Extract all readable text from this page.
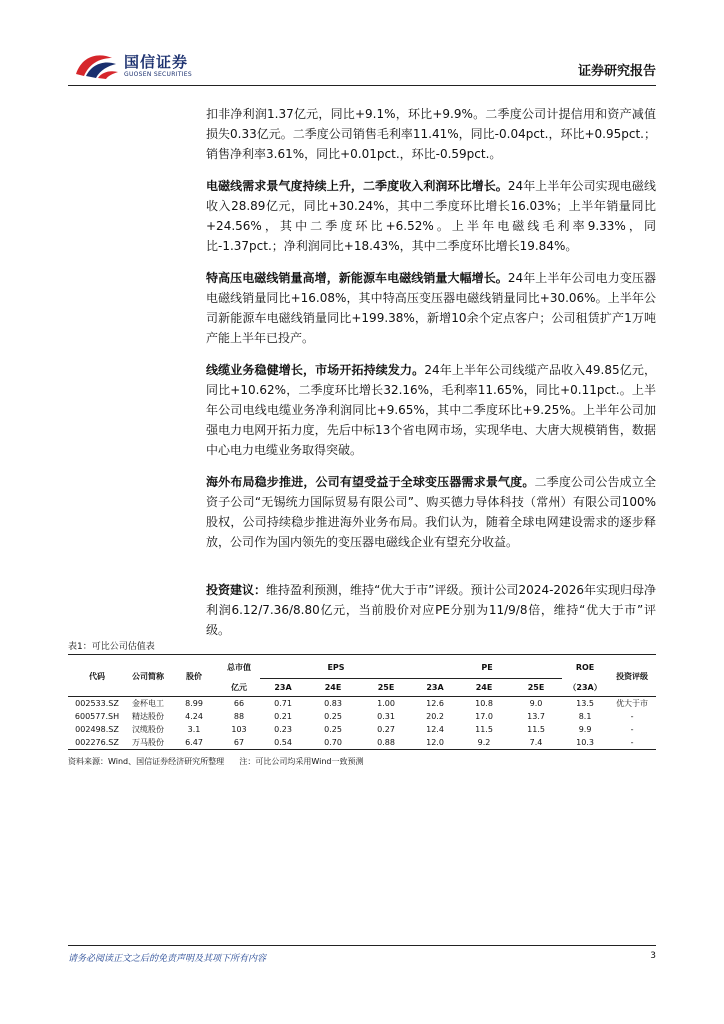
国信证券
GUOSEN SECURITIES	证券研究报告

扣非净利润1.37亿元，同比+9.1%，环比+9.9%。二季度公司计提信用和资产减值损失0.33亿元。二季度公司销售毛利率11.41%，同比-0.04pct.，环比+0.95pct.；销售净利率3.61%，同比+0.01pct.，环比-0.59pct.。

电磁线需求景气度持续上升，二季度收入利润环比增长。24年上半年公司实现电磁线收入28.89亿元，同比+30.24%，其中二季度环比增长16.03%；上半年销量同比+24.56%，其中二季度环比+6.52%。上半年电磁线毛利率9.33%，同比-1.37pct.；净利润同比+18.43%，其中二季度环比增长19.84%。

特高压电磁线销量高增，新能源车电磁线销量大幅增长。24年上半年公司电力变压器电磁线销量同比+16.08%，其中特高压变压器电磁线销量同比+30.06%。上半年公司新能源车电磁线销量同比+199.38%，新增10余个定点客户；公司租赁扩产1万吨产能上半年已投产。

线缆业务稳健增长，市场开拓持续发力。24年上半年公司线缆产品收入49.85亿元，同比+10.62%，二季度环比增长32.16%，毛利率11.65%，同比+0.11pct.。上半年公司电线电缆业务净利润同比+9.65%，其中二季度环比+9.25%。上半年公司加强电力电网开拓力度，先后中标13个省电网市场，实现华电、大唐大规模销售，数据中心电力电缆业务取得突破。

海外布局稳步推进，公司有望受益于全球变压器需求景气度。二季度公司公告成立全资子公司“无锡统力国际贸易有限公司”、购买德力导体科技（常州）有限公司100%股权，公司持续稳步推进海外业务布局。我们认为，随着全球电网建设需求的逐步释放，公司作为国内领先的变压器电磁线企业有望充分收益。

投资建议：维持盈利预测，维持“优大于市”评级。预计公司2024-2026年实现归母净利润6.12/7.36/8.80亿元，当前股价对应PE分别为11/9/8倍，维持“优大于市”评级。

表1：可比公司估值表
代码	公司简称	股价	总市值	EPS			PE			ROE	投资评级
			亿元	23A	24E	25E	23A	24E	25E	（23A）	
002533.SZ	金杯电工	8.99	66	0.71	0.83	1.00	12.6	10.8	9.0	13.5	优大于市
600577.SH	精达股份	4.24	88	0.21	0.25	0.31	20.2	17.0	13.7	8.1	-
002498.SZ	汉缆股份	3.1	103	0.23	0.25	0.27	12.4	11.5	11.5	9.9	-
002276.SZ	万马股份	6.47	67	0.54	0.70	0.88	12.0	9.2	7.4	10.3	-
资料来源：Wind、国信证券经济研究所整理 注：可比公司均采用Wind一致预测
请务必阅读正文之后的免责声明及其项下所有内容	3
